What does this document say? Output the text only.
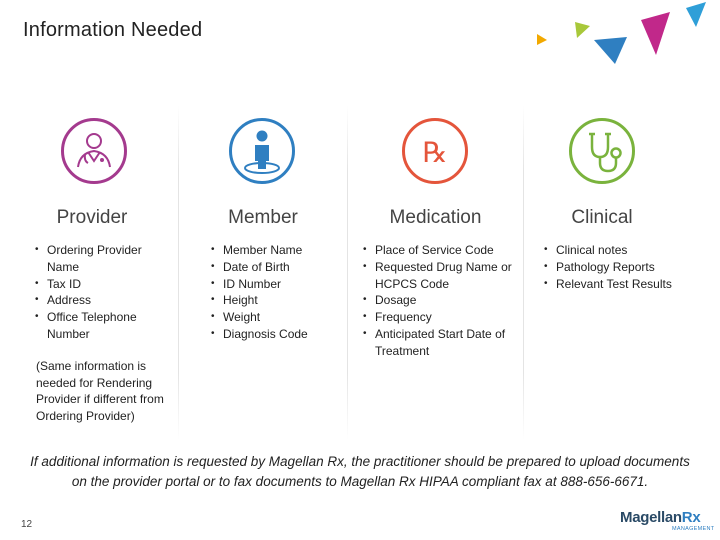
Information Needed
Provider
• Ordering Provider Name
• Tax ID
• Address
• Office Telephone Number
(Same information is needed for Rendering Provider if different from Ordering Provider)
Member
• Member Name
• Date of Birth
• ID Number
• Height
• Weight
• Diagnosis Code
℞
Medication
• Place of Service Code
• Requested Drug Name or HCPCS Code
• Dosage
• Frequency
• Anticipated Start Date of Treatment
Clinical
• Clinical notes
• Pathology Reports
• Relevant Test Results
If additional information is requested by Magellan Rx, the practitioner should be prepared to upload documents on the provider portal or to fax documents to Magellan Rx HIPAA compliant fax at 888-656-6671.
12	MagellanRx
MANAGEMENT
